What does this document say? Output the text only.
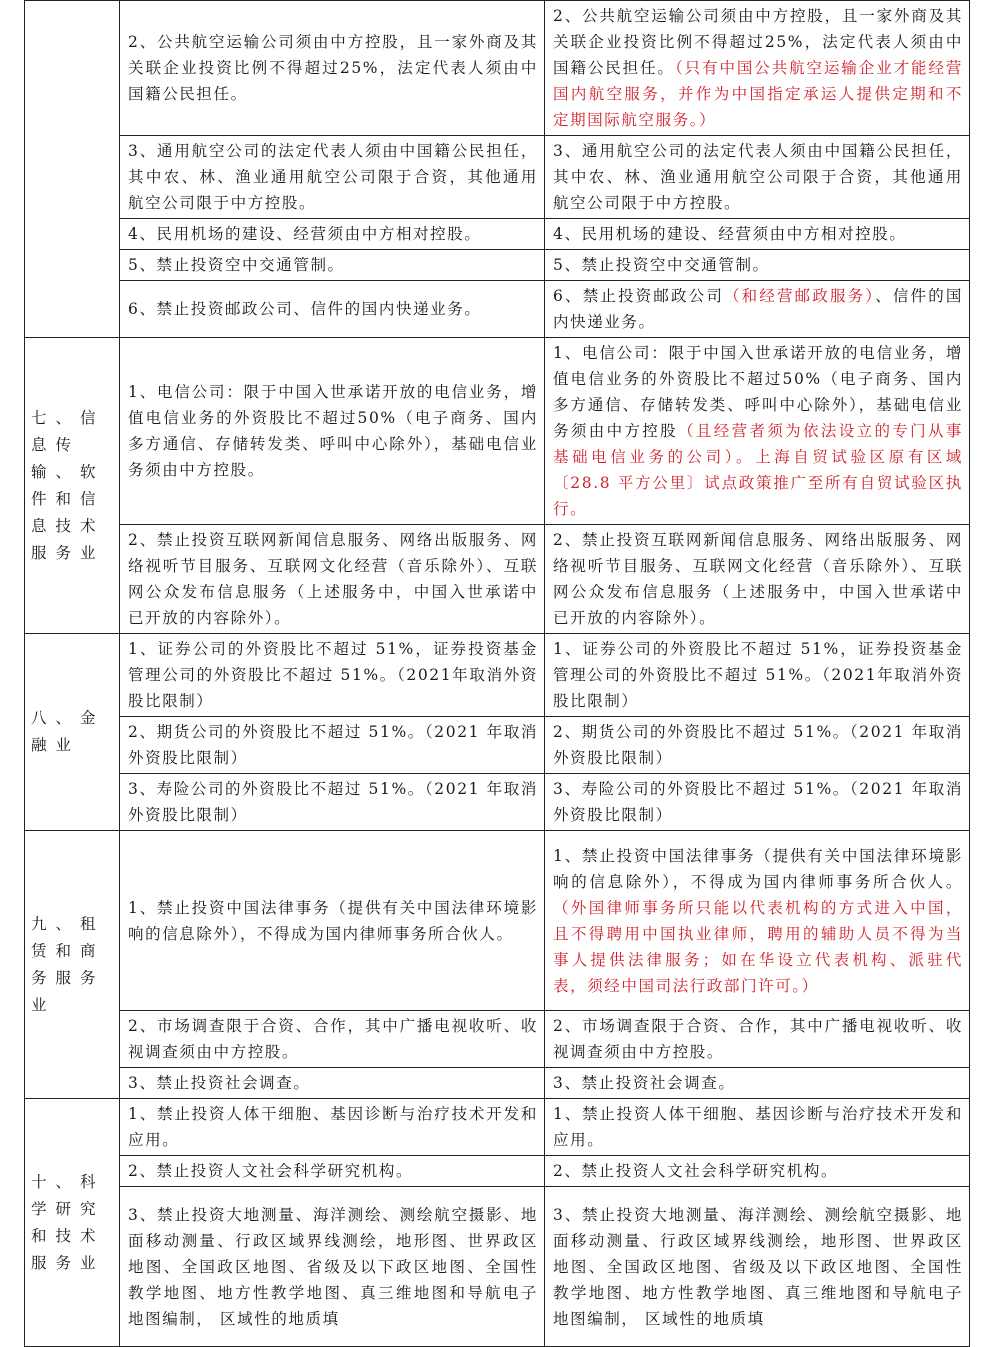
	2、公共航空运输公司须由中方控股，且一家外商及其关联企业投资比例不得超过25%，法定代表人须由中国籍公民担任。	2、公共航空运输公司须由中方控股，且一家外商及其关联企业投资比例不得超过25%，法定代表人须由中国籍公民担任。（只有中国公共航空运输企业才能经营国内航空服务，并作为中国指定承运人提供定期和不定期国际航空服务。）
	3、通用航空公司的法定代表人须由中国籍公民担任，其中农、林、渔业通用航空公司限于合资，其他通用航空公司限于中方控股。	3、通用航空公司的法定代表人须由中国籍公民担任，其中农、林、渔业通用航空公司限于合资，其他通用航空公司限于中方控股。
	4、民用机场的建设、经营须由中方相对控股。	4、民用机场的建设、经营须由中方相对控股。
	5、禁止投资空中交通管制。	5、禁止投资空中交通管制。
	6、禁止投资邮政公司、信件的国内快递业务。	6、禁止投资邮政公司（和经营邮政服务）、信件的国内快递业务。
七、信息传输、软件和信息技术服务业	1、电信公司：限于中国入世承诺开放的电信业务，增值电信业务的外资股比不超过50%（电子商务、国内多方通信、存储转发类、呼叫中心除外），基础电信业务须由中方控股。	1、电信公司：限于中国入世承诺开放的电信业务，增值电信业务的外资股比不超过50%（电子商务、国内多方通信、存储转发类、呼叫中心除外），基础电信业务须由中方控股（且经营者须为依法设立的专门从事基础电信业务的公司）。上海自贸试验区原有区域〔28.8 平方公里〕试点政策推广至所有自贸试验区执行。
	2、禁止投资互联网新闻信息服务、网络出版服务、网络视听节目服务、互联网文化经营（音乐除外）、互联网公众发布信息服务（上述服务中，中国入世承诺中已开放的内容除外）。	2、禁止投资互联网新闻信息服务、网络出版服务、网络视听节目服务、互联网文化经营（音乐除外）、互联网公众发布信息服务（上述服务中，中国入世承诺中已开放的内容除外）。
八、金融业	1、证券公司的外资股比不超过 51%，证券投资基金管理公司的外资股比不超过 51%。（2021年取消外资股比限制）	1、证券公司的外资股比不超过 51%，证券投资基金管理公司的外资股比不超过 51%。（2021年取消外资股比限制）
	2、期货公司的外资股比不超过 51%。（2021 年取消外资股比限制）	2、期货公司的外资股比不超过 51%。（2021 年取消外资股比限制）
	3、寿险公司的外资股比不超过 51%。（2021 年取消外资股比限制）	3、寿险公司的外资股比不超过 51%。（2021 年取消外资股比限制）
九、租赁和商务服务业	1、禁止投资中国法律事务（提供有关中国法律环境影响的信息除外），不得成为国内律师事务所合伙人。	1、禁止投资中国法律事务（提供有关中国法律环境影响的信息除外），不得成为国内律师事务所合伙人。（外国律师事务所只能以代表机构的方式进入中国， 且不得聘用中国执业律师，聘用的辅助人员不得为当事人提供法律服务；如在华设立代表机构、派驻代表，须经中国司法行政部门许可。）
	2、市场调查限于合资、合作，其中广播电视收听、收视调查须由中方控股。	2、市场调查限于合资、合作，其中广播电视收听、收视调查须由中方控股。
	3、禁止投资社会调查。	3、禁止投资社会调查。
十、科学研究和技术服务业	1、禁止投资人体干细胞、基因诊断与治疗技术开发和应用。	1、禁止投资人体干细胞、基因诊断与治疗技术开发和应用。
	2、禁止投资人文社会科学研究机构。	2、禁止投资人文社会科学研究机构。
	3、禁止投资大地测量、海洋测绘、测绘航空摄影、地面移动测量、行政区域界线测绘，地形图、世界政区地图、全国政区地图、省级及以下政区地图、全国性教学地图、地方性教学地图、真三维地图和导航电子地图编制， 区域性的地质填	3、禁止投资大地测量、海洋测绘、测绘航空摄影、地面移动测量、行政区域界线测绘，地形图、世界政区地图、全国政区地图、省级及以下政区地图、全国性教学地图、地方性教学地图、真三维地图和导航电子地图编制， 区域性的地质填
